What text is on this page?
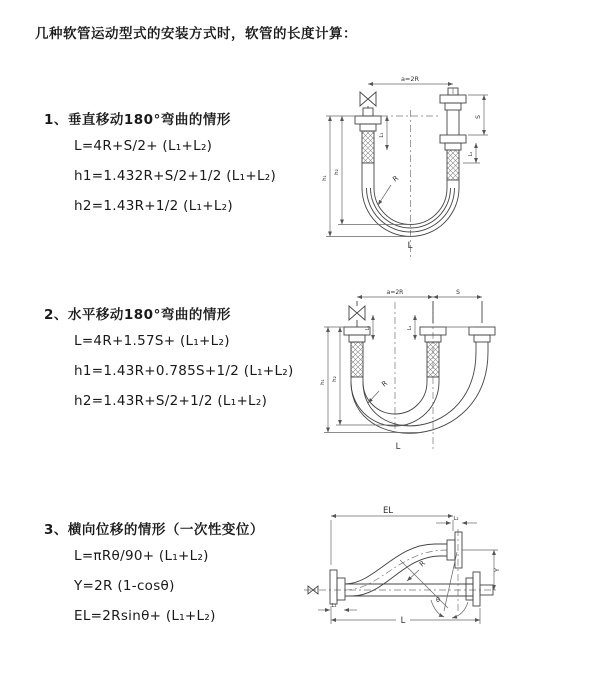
几种软管运动型式的安装方式时，软管的长度计算：
1、垂直移动180°弯曲的情形
L=4R+S/2+ (L₁+L₂)
h1=1.432R+S/2+1/2 (L₁+L₂)
h2=1.43R+1/2 (L₁+L₂)
a=2R
L₁
S
L₂
h₁
h₂
R
L
2、水平移动180°弯曲的情形
L=4R+1.57S+ (L₁+L₂)
h1=1.43R+0.785S+1/2 (L₁+L₂)
h2=1.43R+S/2+1/2 (L₁+L₂)
a=2R	S
L₁	L₂
h₁
h₂
R
L
3、横向位移的情形（一次性变位）
L=πRθ/90+ (L₁+L₂)
Y=2R (1-cosθ)
EL=2Rsinθ+ (L₁+L₂)
EL
L₂
Y
R
θ
L₁
L
